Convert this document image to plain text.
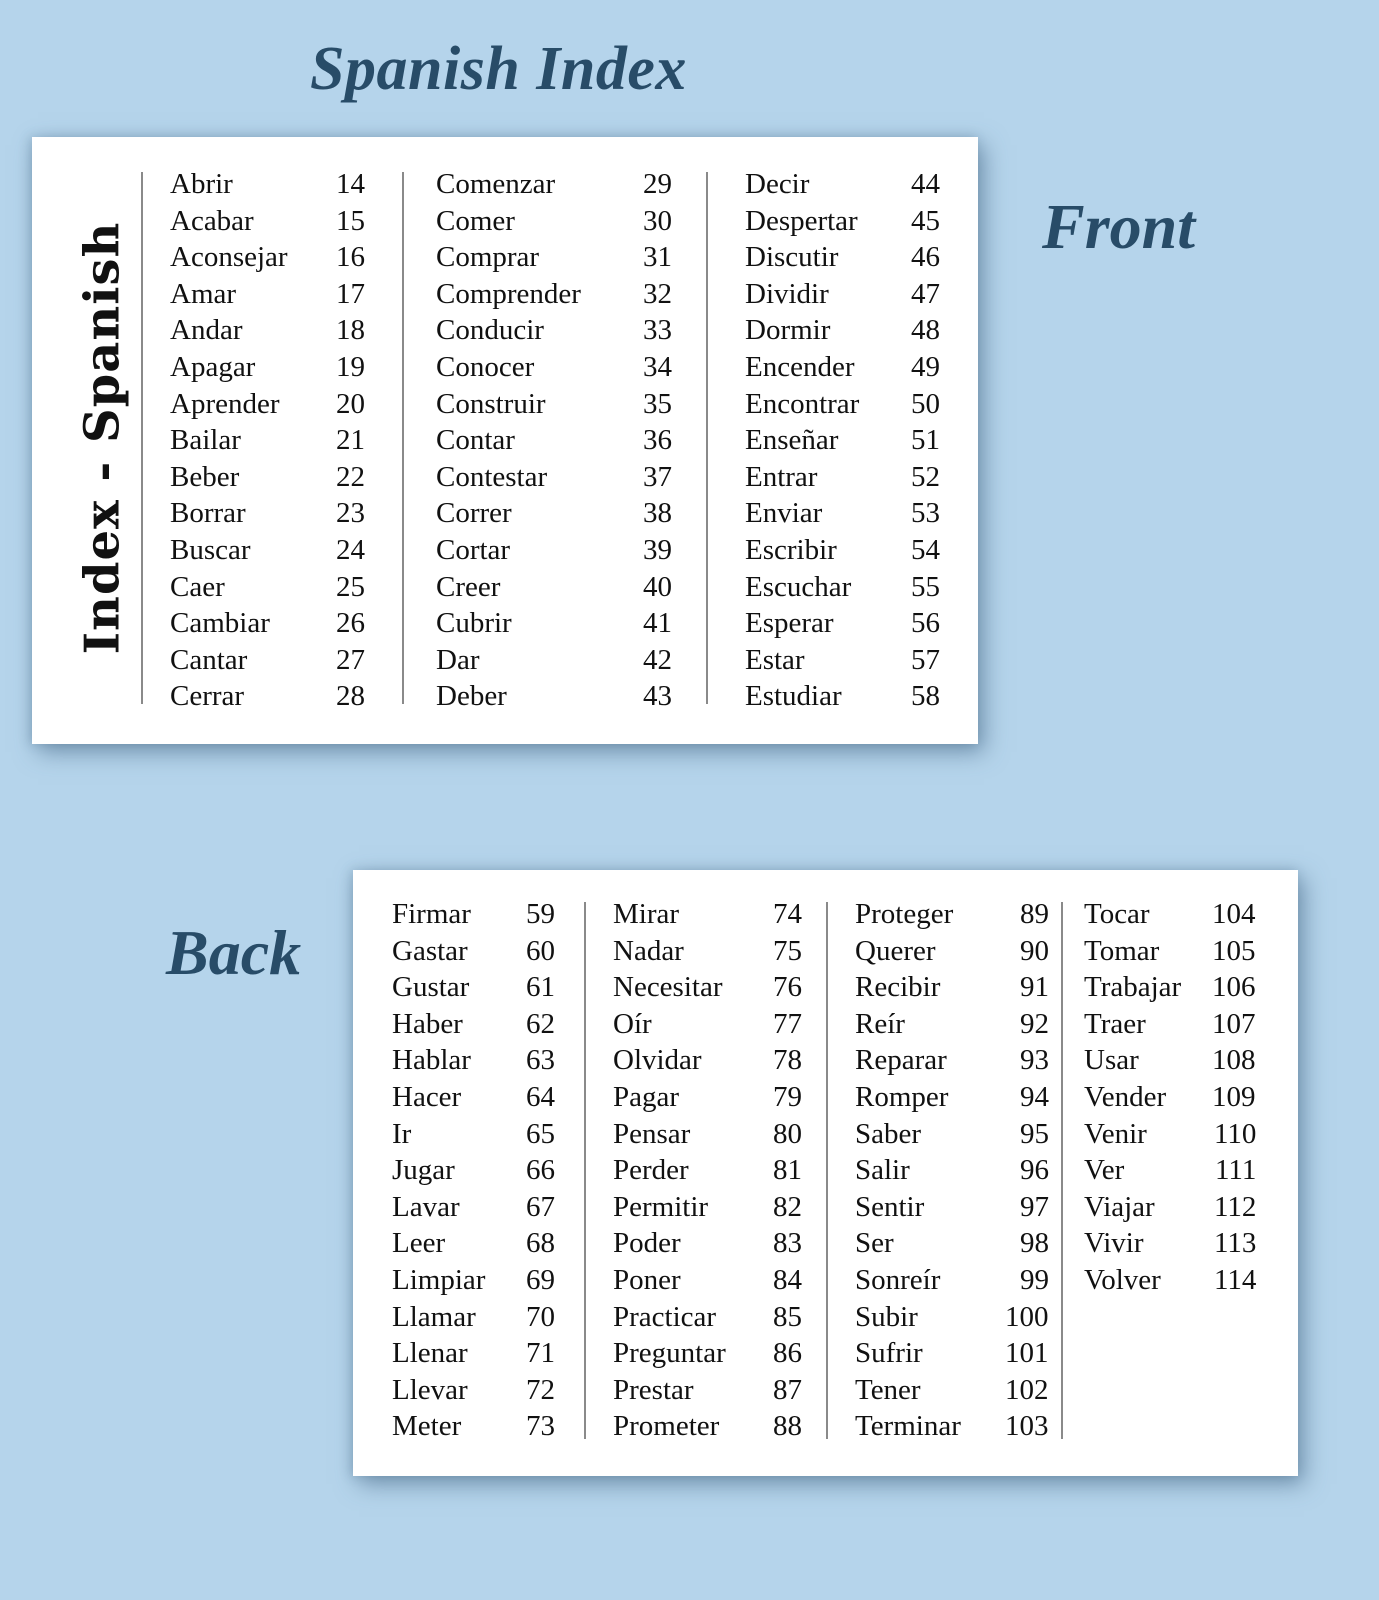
Spanish Index
Front
Back
Index - Spanish
Abrir	14
Acabar	15
Aconsejar 16
Amar	17
Andar	18
Apagar	19
Aprender 20
Bailar	21
Beber	22
Borrar	23
Buscar	24
Caer	25
Cambiar 26
Cantar	27
Cerrar	28
Comenzar	29
Comer	30
Comprar	31
Comprender 32
Conducir	33
Conocer	34
Construir	35
Contar	36
Contestar	37
Correr	38
Cortar	39
Creer	40
Cubrir	41
Dar	42
Deber	43
Decir	44
Despertar 45
Discutir	46
Dividir	47
Dormir	48
Encender 49
Encontrar 50
Enseñar	51
Entrar	52
Enviar	53
Escribir	54
Escuchar 55
Esperar	56
Estar	57
Estudiar 58
Firmar 59
Gastar 60
Gustar 61
Haber 62
Hablar 63
Hacer 64
Ir	65
Jugar 66
Lavar 67
Leer	68
Limpiar 69
Llamar 70
Llenar 71
Llevar 72
Meter 73
Mirar	74
Nadar	75
Necesitar 76
Oír	77
Olvidar 78
Pagar	79
Pensar	80
Perder	81
Permitir 82
Poder	83
Poner	84
Practicar 85
Preguntar 86
Prestar	87
Prometer 88
Proteger 89
Querer	90
Recibir	91
Reír	92
Reparar	93
Romper 94
Saber	95
Salir	96
Sentir	97
Ser	98
Sonreír	99
Subir	100
Sufrir	101
Tener	102
Terminar 103
Tocar 104
Tomar 105
Trabajar 106
Traer 107
Usar	108
Vender 109
Venir 110
Ver	111
Viajar 112
Vivir 113
Volver 114
